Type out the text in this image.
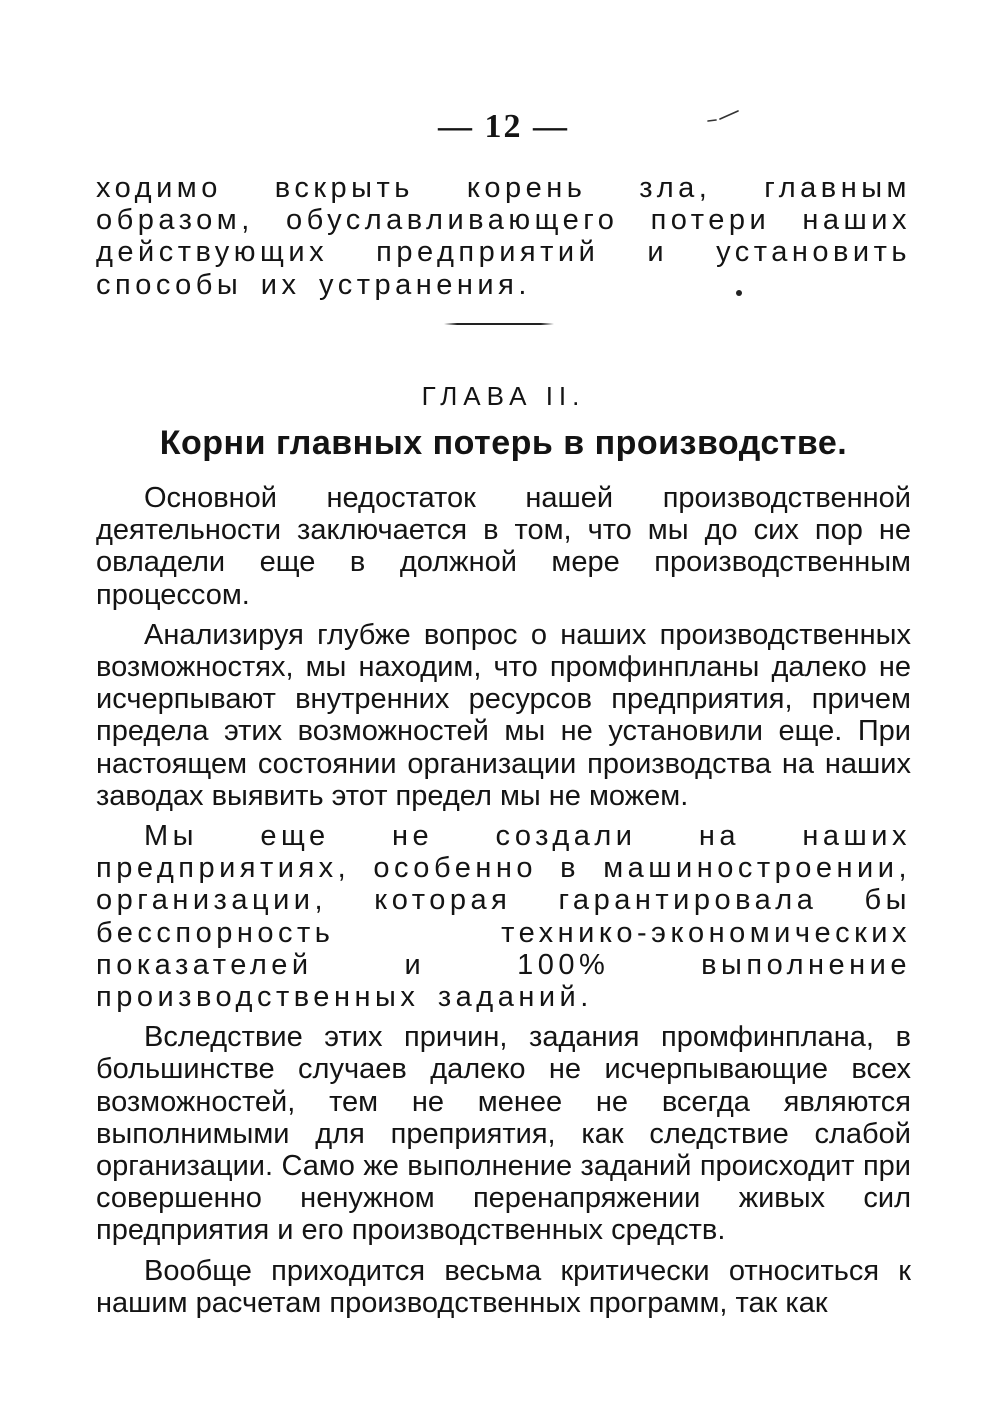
— 12 —

ходимо вскрыть корень зла, главным образом, обуславливающего потери наших действующих предприятий и установить способы их устранения.

ГЛАВА II.
Корни главных потерь в производстве.

Основной недостаток нашей производственной деятельности заключается в том, что мы до сих пор не овладели еще в должной мере производственным процессом.

Анализируя глубже вопрос о наших производственных возможностях, мы находим, что промфинпланы далеко не исчерпывают внутренних ресурсов предприятия, причем предела этих возможностей мы не установили еще. При настоящем состоянии организации производства на наших заводах выявить этот предел мы не можем.

Мы еще не создали на наших предприятиях, особенно в машиностроении, организации, которая гарантировала бы бесспорность технико-экономических показателей и 100% выполнение производственных заданий.

Вследствие этих причин, задания промфинплана, в большинстве случаев далеко не исчерпывающие всех возможностей, тем не менее не всегда являются выполнимыми для преприятия, как следствие слабой организации. Само же выполнение заданий происходит при совершенно ненужном перенапряжении живых сил предприятия и его производственных средств.

Вообще приходится весьма критически относиться к нашим расчетам производственных программ, так как
